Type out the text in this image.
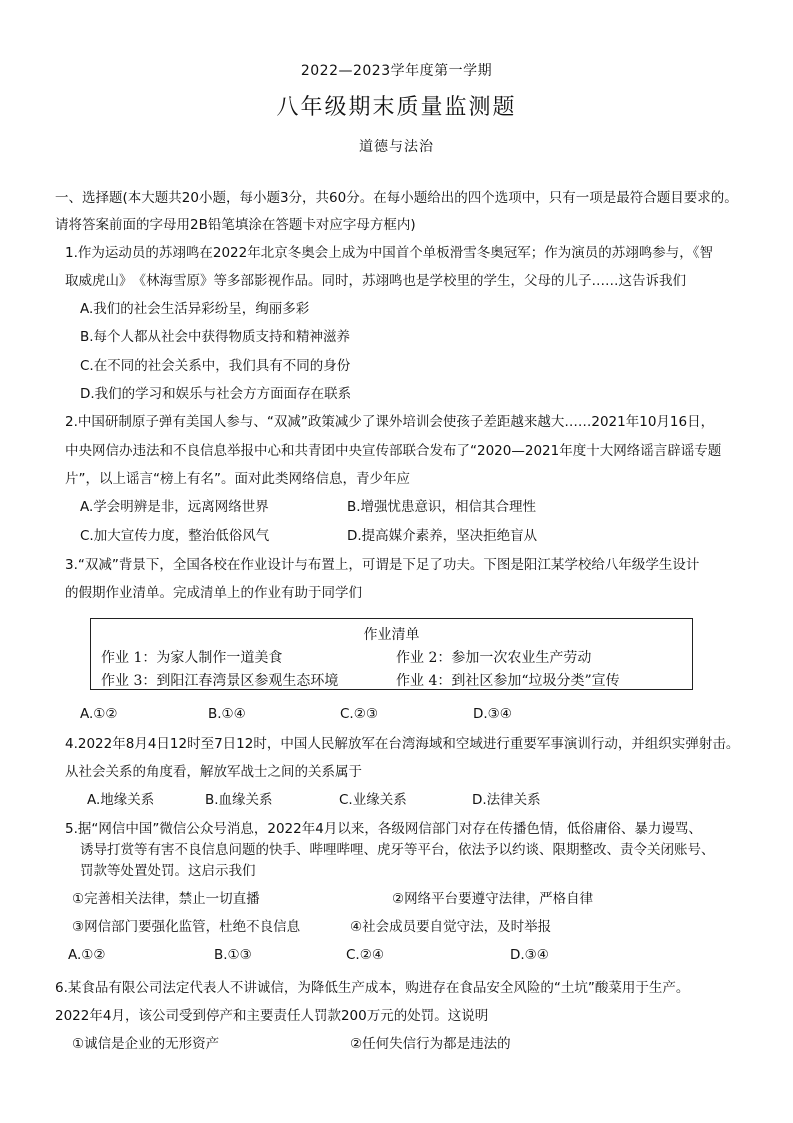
2022—2023学年度第一学期
八年级期末质量监测题
道德与法治
一、选择题(本大题共20小题，每小题3分，共60分。在每小题给出的四个选项中，只有一项是最符合题目要求的。
请将答案前面的字母用2B铅笔填涂在答题卡对应字母方框内)
1.作为运动员的苏翊鸣在2022年北京冬奥会上成为中国首个单板滑雪冬奥冠军；作为演员的苏翊鸣参与，《智
取威虎山》　《林海雪原》等多部影视作品。同时，苏翊鸣也是学校里的学生，父母的儿子……这告诉我们
A.我们的社会生活异彩纷呈，绚丽多彩
B.每个人都从社会中获得物质支持和精神滋养
C.在不同的社会关系中，我们具有不同的身份
D.我们的学习和娱乐与社会方方面面存在联系
2.中国研制原子弹有美国人参与、“双减”政策减少了课外培训会使孩子差距越来越大……2021年10月16日，
中央网信办违法和不良信息举报中心和共青团中央宣传部联合发布了“2020—2021年度十大网络谣言辟谣专题
片”，以上谣言“榜上有名”。面对此类网络信息，青少年应
A.学会明辨是非，远离网络世界	B.增强忧患意识，相信其合理性
C.加大宣传力度，整治低俗风气	D.提高媒介素养，坚决拒绝盲从
3.“双减”背景下，全国各校在作业设计与布置上，可谓是下足了功夫。下图是阳江某学校给八年级学生设计
的假期作业清单。完成清单上的作业有助于同学们
作业清单
作业 1：为家人制作一道美食	作业 2：参加一次农业生产劳动
作业 3：到阳江春湾景区参观生态环境	作业 4：到社区参加“垃圾分类”宣传
A.①②	B.①④	C.②③	D.③④
4.2022年8月4日12时至7日12时，中国人民解放军在台湾海域和空域进行重要军事演训行动，并组织实弹射击。
从社会关系的角度看，解放军战士之间的关系属于
A.地缘关系	B.血缘关系	C.业缘关系	D.法律关系
5.据“网信中国”微信公众号消息，2022年4月以来，各级网信部门对存在传播色情，低俗庸俗、暴力谩骂、
诱导打赏等有害不良信息问题的快手、哔哩哔哩、虎牙等平台，依法予以约谈、限期整改、责令关闭账号、
罚款等处置处罚。这启示我们
①完善相关法律，禁止一切直播	②网络平台要遵守法律，严格自律
③网信部门要强化监管，杜绝不良信息	④社会成员要自觉守法，及时举报
A.①②	B.①③	C.②④	D.③④
6.某食品有限公司法定代表人不讲诚信，为降低生产成本，购进存在食品安全风险的“土坑”酸菜用于生产。
2022年4月，该公司受到停产和主要责任人罚款200万元的处罚。这说明
①诚信是企业的无形资产	②任何失信行为都是违法的
